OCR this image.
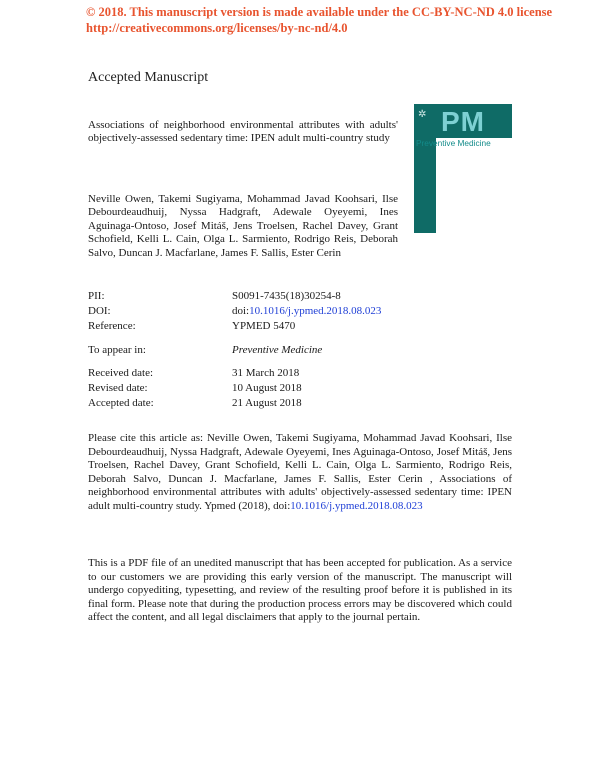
© 2018. This manuscript version is made available under the CC-BY-NC-ND 4.0 license
http://creativecommons.org/licenses/by-nc-nd/4.0
Accepted Manuscript
Associations of neighborhood environmental attributes with adults' objectively-assessed sedentary time: IPEN adult multi-country study
✲ PM
Preventive Medicine
Neville Owen, Takemi Sugiyama, Mohammad Javad Koohsari, Ilse Debourdeaudhuij, Nyssa Hadgraft, Adewale Oyeyemi, Ines Aguinaga-Ontoso, Josef Mitáš, Jens Troelsen, Rachel Davey, Grant Schofield, Kelli L. Cain, Olga L. Sarmiento, Rodrigo Reis, Deborah Salvo, Duncan J. Macfarlane, James F. Sallis, Ester Cerin
PII:	S0091-7435(18)30254-8
DOI:	doi:10.1016/j.ypmed.2018.08.023
Reference:	YPMED 5470
To appear in:	Preventive Medicine
Received date:	31 March 2018
Revised date:	10 August 2018
Accepted date:	21 August 2018
Please cite this article as: Neville Owen, Takemi Sugiyama, Mohammad Javad Koohsari, Ilse Debourdeaudhuij, Nyssa Hadgraft, Adewale Oyeyemi, Ines Aguinaga-Ontoso, Josef Mitáš, Jens Troelsen, Rachel Davey, Grant Schofield, Kelli L. Cain, Olga L. Sarmiento, Rodrigo Reis, Deborah Salvo, Duncan J. Macfarlane, James F. Sallis, Ester Cerin , Associations of neighborhood environmental attributes with adults' objectively-assessed sedentary time: IPEN adult multi-country study. Ypmed (2018), doi:10.1016/j.ypmed.2018.08.023
This is a PDF file of an unedited manuscript that has been accepted for publication. As a service to our customers we are providing this early version of the manuscript. The manuscript will undergo copyediting, typesetting, and review of the resulting proof before it is published in its final form. Please note that during the production process errors may be discovered which could affect the content, and all legal disclaimers that apply to the journal pertain.
